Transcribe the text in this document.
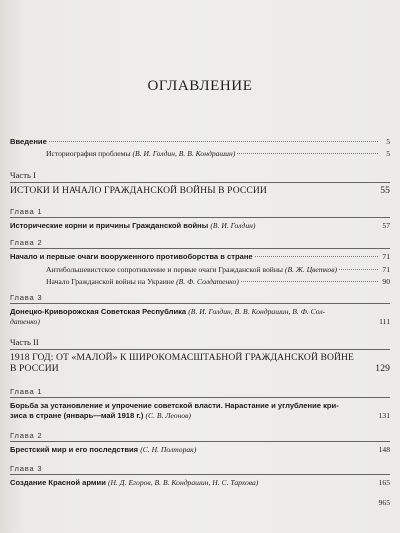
ОГЛАВЛЕНИЕ
Введение	5
Историография проблемы (В. И. Голдин, В. В. Кондрашин)	5
Часть I
ИСТОКИ И НАЧАЛО ГРАЖДАНСКОЙ ВОЙНЫ В РОССИИ	55
Глава 1
Исторические корни и причины Гражданской войны (В. И. Голдин)	57
Глава 2
Начало и первые очаги вооруженного противоборства в стране	71
Антибольшевистское сопротивление и первые очаги Гражданской войны (В. Ж. Цветков)	71
Начало Гражданской войны на Украине (В. Ф. Солдатенко)	90
Глава 3
Донецко-Криворожская Советская Республика (В. И. Голдин, В. В. Кондрашин, В. Ф. Сол-
датенко)	111
Часть II
1918 ГОД: ОТ «МАЛОЙ» К ШИРОКОМАСШТАБНОЙ ГРАЖДАНСКОЙ ВОЙНЕ
В РОССИИ	129
Глава 1
Борьба за установление и упрочение советской власти. Нарастание и углубление кри-
зиса в стране (январь—май 1918 г.) (С. В. Леонов)	131
Глава 2
Брестский мир и его последствия (С. Н. Полторак)	148
Глава 3
Создание Красной армии (Н. Д. Егоров, В. В. Кондрашин, Н. С. Тархова)	165
965
